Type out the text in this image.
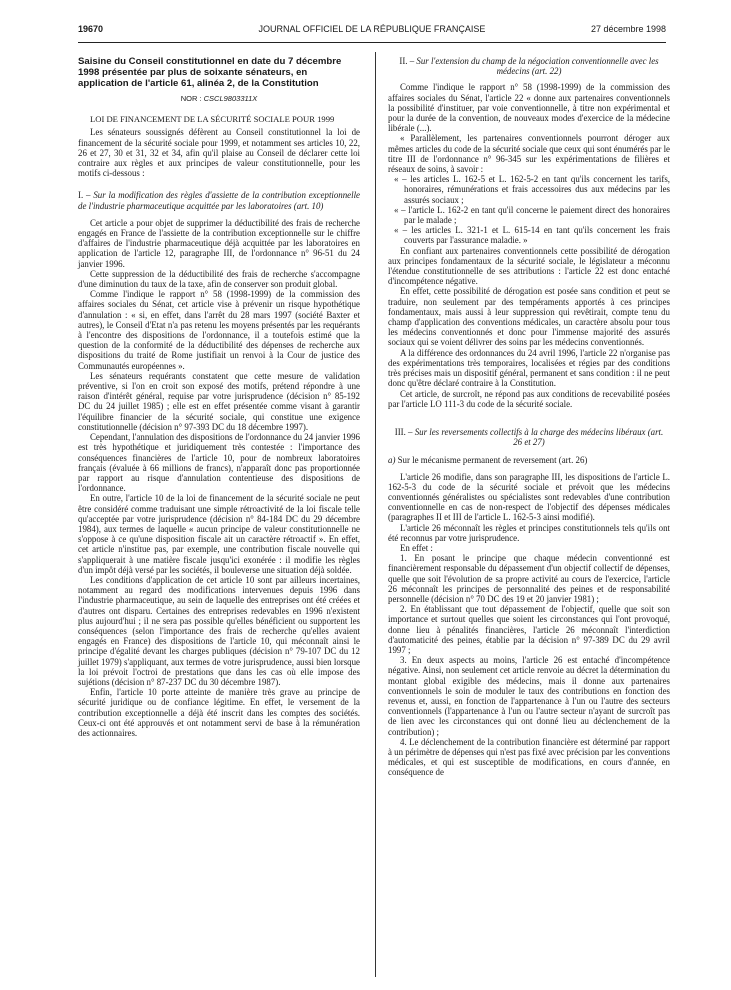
19670	JOURNAL OFFICIEL DE LA RÉPUBLIQUE FRANÇAISE	27 décembre 1998

Saisine du Conseil constitutionnel en date du 7 décembre 1998 présentée par plus de soixante sénateurs, en application de l'article 61, alinéa 2, de la Constitution

NOR : CSCL9803311X

LOI DE FINANCEMENT DE LA SÉCURITÉ SOCIALE POUR 1999

Les sénateurs soussignés défèrent au Conseil constitutionnel la loi de financement de la sécurité sociale pour 1999, et notamment ses articles 10, 22, 26 et 27, 30 et 31, 32 et 34, afin qu'il plaise au Conseil de déclarer cette loi contraire aux règles et aux principes de valeur constitutionnelle, pour les motifs ci-dessous :

I. – Sur la modification des règles d'assiette de la contribution exceptionnelle de l'industrie pharmaceutique acquittée par les laboratoires (art. 10)

Cet article a pour objet de supprimer la déductibilité des frais de recherche engagés en France de l'assiette de la contribution exceptionnelle sur le chiffre d'affaires de l'industrie pharmaceutique déjà acquittée par les laboratoires en application de l'article 12, paragraphe III, de l'ordonnance n° 96-51 du 24 janvier 1996.

Cette suppression de la déductibilité des frais de recherche s'accompagne d'une diminution du taux de la taxe, afin de conserver son produit global.

Comme l'indique le rapport n° 58 (1998-1999) de la commission des affaires sociales du Sénat, cet article vise à prévenir un risque hypothétique d'annulation : « si, en effet, dans l'arrêt du 28 mars 1997 (société Baxter et autres), le Conseil d'Etat n'a pas retenu les moyens présentés par les requérants à l'encontre des dispositions de l'ordonnance, il a toutefois estimé que la question de la conformité de la déductibilité des dépenses de recherche aux dispositions du traité de Rome justifiait un renvoi à la Cour de justice des Communautés européennes ».

Les sénateurs requérants constatent que cette mesure de validation préventive, si l'on en croit son exposé des motifs, prétend répondre à une raison d'intérêt général, requise par votre jurisprudence (décision n° 85-192 DC du 24 juillet 1985) ; elle est en effet présentée comme visant à garantir l'équilibre financier de la sécurité sociale, qui constitue une exigence constitutionnelle (décision n° 97-393 DC du 18 décembre 1997).

Cependant, l'annulation des dispositions de l'ordonnance du 24 janvier 1996 est très hypothétique et juridiquement très contestée : l'importance des conséquences financières de l'article 10, pour de nombreux laboratoires français (évaluée à 66 millions de francs), n'apparaît donc pas proportionnée par rapport au risque d'annulation contentieuse des dispositions de l'ordonnance.

En outre, l'article 10 de la loi de financement de la sécurité sociale ne peut être considéré comme traduisant une simple rétroactivité de la loi fiscale telle qu'acceptée par votre jurisprudence (décision n° 84-184 DC du 29 décembre 1984), aux termes de laquelle « aucun principe de valeur constitutionnelle ne s'oppose à ce qu'une disposition fiscale ait un caractère rétroactif ». En effet, cet article n'institue pas, par exemple, une contribution fiscale nouvelle qui s'appliquerait à une matière fiscale jusqu'ici exonérée : il modifie les règles d'un impôt déjà versé par les sociétés, il bouleverse une situation déjà soldée.

Les conditions d'application de cet article 10 sont par ailleurs incertaines, notamment au regard des modifications intervenues depuis 1996 dans l'industrie pharmaceutique, au sein de laquelle des entreprises ont été créées et d'autres ont disparu. Certaines des entreprises redevables en 1996 n'existent plus aujourd'hui ; il ne sera pas possible qu'elles bénéficient ou supportent les conséquences (selon l'importance des frais de recherche qu'elles avaient engagés en France) des dispositions de l'article 10, qui méconnaît ainsi le principe d'égalité devant les charges publiques (décision n° 79-107 DC du 12 juillet 1979) s'appliquant, aux termes de votre jurisprudence, aussi bien lorsque la loi prévoit l'octroi de prestations que dans les cas où elle impose des sujétions (décision n° 87-237 DC du 30 décembre 1987).

Enfin, l'article 10 porte atteinte de manière très grave au principe de sécurité juridique ou de confiance légitime. En effet, le versement de la contribution exceptionnelle a déjà été inscrit dans les comptes des sociétés. Ceux-ci ont été approuvés et ont notamment servi de base à la rémunération des actionnaires.

II. – Sur l'extension du champ de la négociation conventionnelle avec les médecins (art. 22)

Comme l'indique le rapport n° 58 (1998-1999) de la commission des affaires sociales du Sénat, l'article 22 « donne aux partenaires conventionnels la possibilité d'instituer, par voie conventionnelle, à titre non expérimental et pour la durée de la convention, de nouveaux modes d'exercice de la médecine libérale (...).

« Parallèlement, les partenaires conventionnels pourront déroger aux mêmes articles du code de la sécurité sociale que ceux qui sont énumérés par le titre III de l'ordonnance n° 96-345 sur les expérimentations de filières et réseaux de soins, à savoir :

« – les articles L. 162-5 et L. 162-5-2 en tant qu'ils concernent les tarifs, honoraires, rémunérations et frais accessoires dus aux médecins par les assurés sociaux ;

« – l'article L. 162-2 en tant qu'il concerne le paiement direct des honoraires par le malade ;

« – les articles L. 321-1 et L. 615-14 en tant qu'ils concernent les frais couverts par l'assurance maladie. »

En confiant aux partenaires conventionnels cette possibilité de dérogation aux principes fondamentaux de la sécurité sociale, le législateur a méconnu l'étendue constitutionnelle de ses attributions : l'article 22 est donc entaché d'incompétence négative.

En effet, cette possibilité de dérogation est posée sans condition et peut se traduire, non seulement par des tempéraments apportés à ces principes fondamentaux, mais aussi à leur suppression qui revêtirait, compte tenu du champ d'application des conventions médicales, un caractère absolu pour tous les médecins conventionnés et donc pour l'immense majorité des assurés sociaux qui se voient délivrer des soins par les médecins conventionnés.

A la différence des ordonnances du 24 avril 1996, l'article 22 n'organise pas des expérimentations très temporaires, localisées et régies par des conditions très précises mais un dispositif général, permanent et sans condition : il ne peut donc qu'être déclaré contraire à la Constitution.

Cet article, de surcroît, ne répond pas aux conditions de recevabilité posées par l'article LO 111-3 du code de la sécurité sociale.

III. – Sur les reversements collectifs à la charge des médecins libéraux (art. 26 et 27)

a) Sur le mécanisme permanent de reversement (art. 26)

L'article 26 modifie, dans son paragraphe III, les dispositions de l'article L. 162-5-3 du code de la sécurité sociale et prévoit que les médecins conventionnés généralistes ou spécialistes sont redevables d'une contribution conventionnelle en cas de non-respect de l'objectif des dépenses médicales (paragraphes II et III de l'article L. 162-5-3 ainsi modifié).

L'article 26 méconnaît les règles et principes constitutionnels tels qu'ils ont été reconnus par votre jurisprudence.

En effet :

1. En posant le principe que chaque médecin conventionné est financièrement responsable du dépassement d'un objectif collectif de dépenses, quelle que soit l'évolution de sa propre activité au cours de l'exercice, l'article 26 méconnaît les principes de personnalité des peines et de responsabilité personnelle (décision n° 70 DC des 19 et 20 janvier 1981) ;

2. En établissant que tout dépassement de l'objectif, quelle que soit son importance et surtout quelles que soient les circonstances qui l'ont provoqué, donne lieu à pénalités financières, l'article 26 méconnaît l'interdiction d'automaticité des peines, établie par la décision n° 97-389 DC du 29 avril 1997 ;

3. En deux aspects au moins, l'article 26 est entaché d'incompétence négative. Ainsi, non seulement cet article renvoie au décret la détermination du montant global exigible des médecins, mais il donne aux partenaires conventionnels le soin de moduler le taux des contributions en fonction des revenus et, aussi, en fonction de l'appartenance à l'un ou l'autre des secteurs conventionnels (l'appartenance à l'un ou l'autre secteur n'ayant de surcroît pas de lien avec les circonstances qui ont donné lieu au déclenchement de la contribution) ;

4. Le déclenchement de la contribution financière est déterminé par rapport à un périmètre de dépenses qui n'est pas fixé avec précision par les conventions médicales, et qui est susceptible de modifications, en cours d'année, en conséquence de
